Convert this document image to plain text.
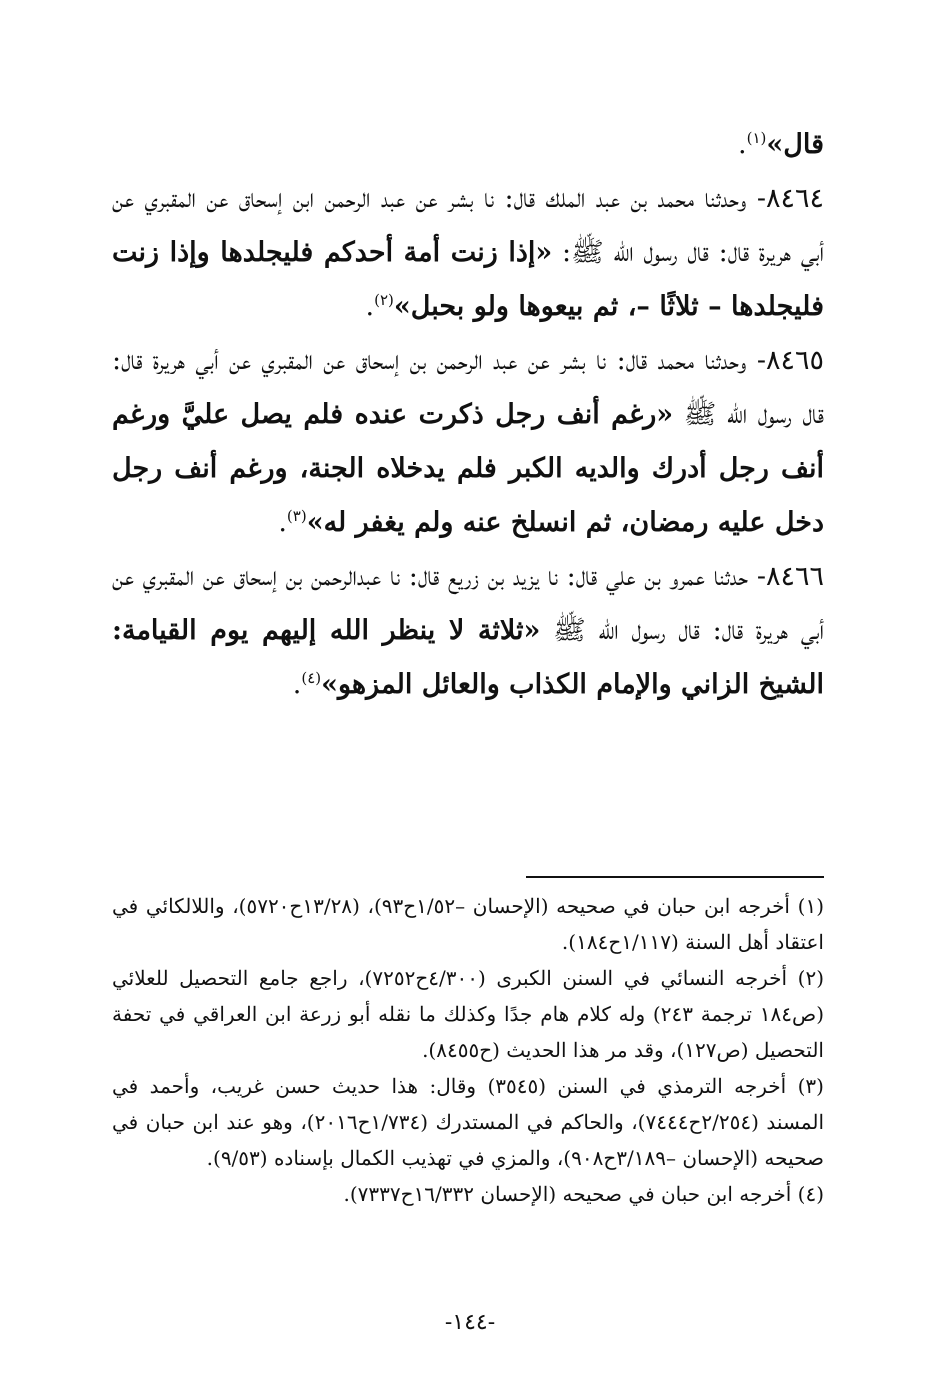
قال»$^{(١)}$.

٨٤٦٤- وحدثنا محمد بن عبد الملك قال: نا بشر عن عبد الرحمن ابن إسحاق عن المقبري عن أبي هريرة قال: قال رسول الله ﷺ: «إذا زنت أمة أحدكم فليجلدها وإذا زنت فليجلدها – ثلاثًا –، ثم بيعوها ولو بحبل»$^{(٢)}$.

٨٤٦٥- وحدثنا محمد قال: نا بشر عن عبد الرحمن بن إسحاق عن المقبري عن أبي هريرة قال: قال رسول الله ﷺ «رغم أنف رجل ذكرت عنده فلم يصل عليَّ ورغم أنف رجل أدرك والديه الكبر فلم يدخلاه الجنة، ورغم أنف رجل دخل عليه رمضان، ثم انسلخ عنه ولم يغفر له»$^{(٣)}$.

٨٤٦٦- حدثنا عمرو بن علي قال: نا يزيد بن زريع قال: نا عبدالرحمن بن إسحاق عن المقبري عن أبي هريرة قال: قال رسول الله ﷺ «ثلاثة لا ينظر الله إليهم يوم القيامة: الشيخ الزاني والإمام الكذاب والعائل المزهو»$^{(٤)}$.

(١) أخرجه ابن حبان في صحيحه (الإحسان –١/٥٢ح٩٣)، (١٣/٢٨ح٥٧٢٠)، واللالكائي في اعتقاد أهل السنة (١/١١٧ح١٨٤).

(٢) أخرجه النسائي في السنن الكبرى (٤/٣٠٠ح٧٢٥٢)، راجع جامع التحصيل للعلائي (ص١٨٤ ترجمة ٢٤٣) وله كلام هام جدًا وكذلك ما نقله أبو زرعة ابن العراقي في تحفة التحصيل (ص١٢٧)، وقد مر هذا الحديث (ح٨٤٥٥).

(٣) أخرجه الترمذي في السنن (٣٥٤٥) وقال: هذا حديث حسن غريب، وأحمد في المسند (٢/٢٥٤ح٧٤٤٤)، والحاكم في المستدرك (١/٧٣٤ح٢٠١٦)، وهو عند ابن حبان في صحيحه (الإحسان –٣/١٨٩ح٩٠٨)، والمزي في تهذيب الكمال بإسناده (٩/٥٣).

(٤) أخرجه ابن حبان في صحيحه (الإحسان ١٦/٣٣٢ح٧٣٣٧).

-١٤٤-
